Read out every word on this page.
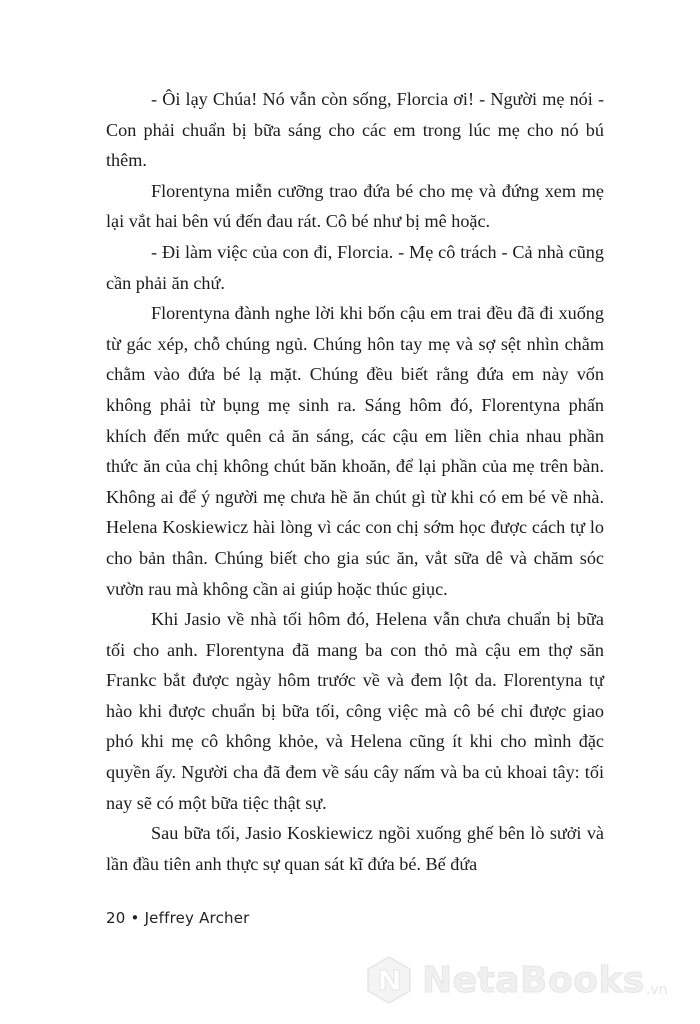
- Ôi lạy Chúa! Nó vẫn còn sống, Florcia ơi! - Người mẹ nói - Con phải chuẩn bị bữa sáng cho các em trong lúc mẹ cho nó bú thêm.

Florentyna miễn cưỡng trao đứa bé cho mẹ và đứng xem mẹ lại vắt hai bên vú đến đau rát. Cô bé như bị mê hoặc.

- Đi làm việc của con đi, Florcia. - Mẹ cô trách - Cả nhà cũng cần phải ăn chứ.

Florentyna đành nghe lời khi bốn cậu em trai đều đã đi xuống từ gác xép, chỗ chúng ngủ. Chúng hôn tay mẹ và sợ sệt nhìn chằm chằm vào đứa bé lạ mặt. Chúng đều biết rằng đứa em này vốn không phải từ bụng mẹ sinh ra. Sáng hôm đó, Florentyna phấn khích đến mức quên cả ăn sáng, các cậu em liền chia nhau phần thức ăn của chị không chút băn khoăn, để lại phần của mẹ trên bàn. Không ai để ý người mẹ chưa hề ăn chút gì từ khi có em bé về nhà. Helena Koskiewicz hài lòng vì các con chị sớm học được cách tự lo cho bản thân. Chúng biết cho gia súc ăn, vắt sữa dê và chăm sóc vườn rau mà không cần ai giúp hoặc thúc giục.

Khi Jasio về nhà tối hôm đó, Helena vẫn chưa chuẩn bị bữa tối cho anh. Florentyna đã mang ba con thỏ mà cậu em thợ săn Frankc bắt được ngày hôm trước về và đem lột da. Florentyna tự hào khi được chuẩn bị bữa tối, công việc mà cô bé chỉ được giao phó khi mẹ cô không khỏe, và Helena cũng ít khi cho mình đặc quyền ấy. Người cha đã đem về sáu cây nấm và ba củ khoai tây: tối nay sẽ có một bữa tiệc thật sự.

Sau bữa tối, Jasio Koskiewicz ngồi xuống ghế bên lò sưởi và lần đầu tiên anh thực sự quan sát kĩ đứa bé. Bế đứa

20 • Jeffrey Archer
NetaBooks .vn
